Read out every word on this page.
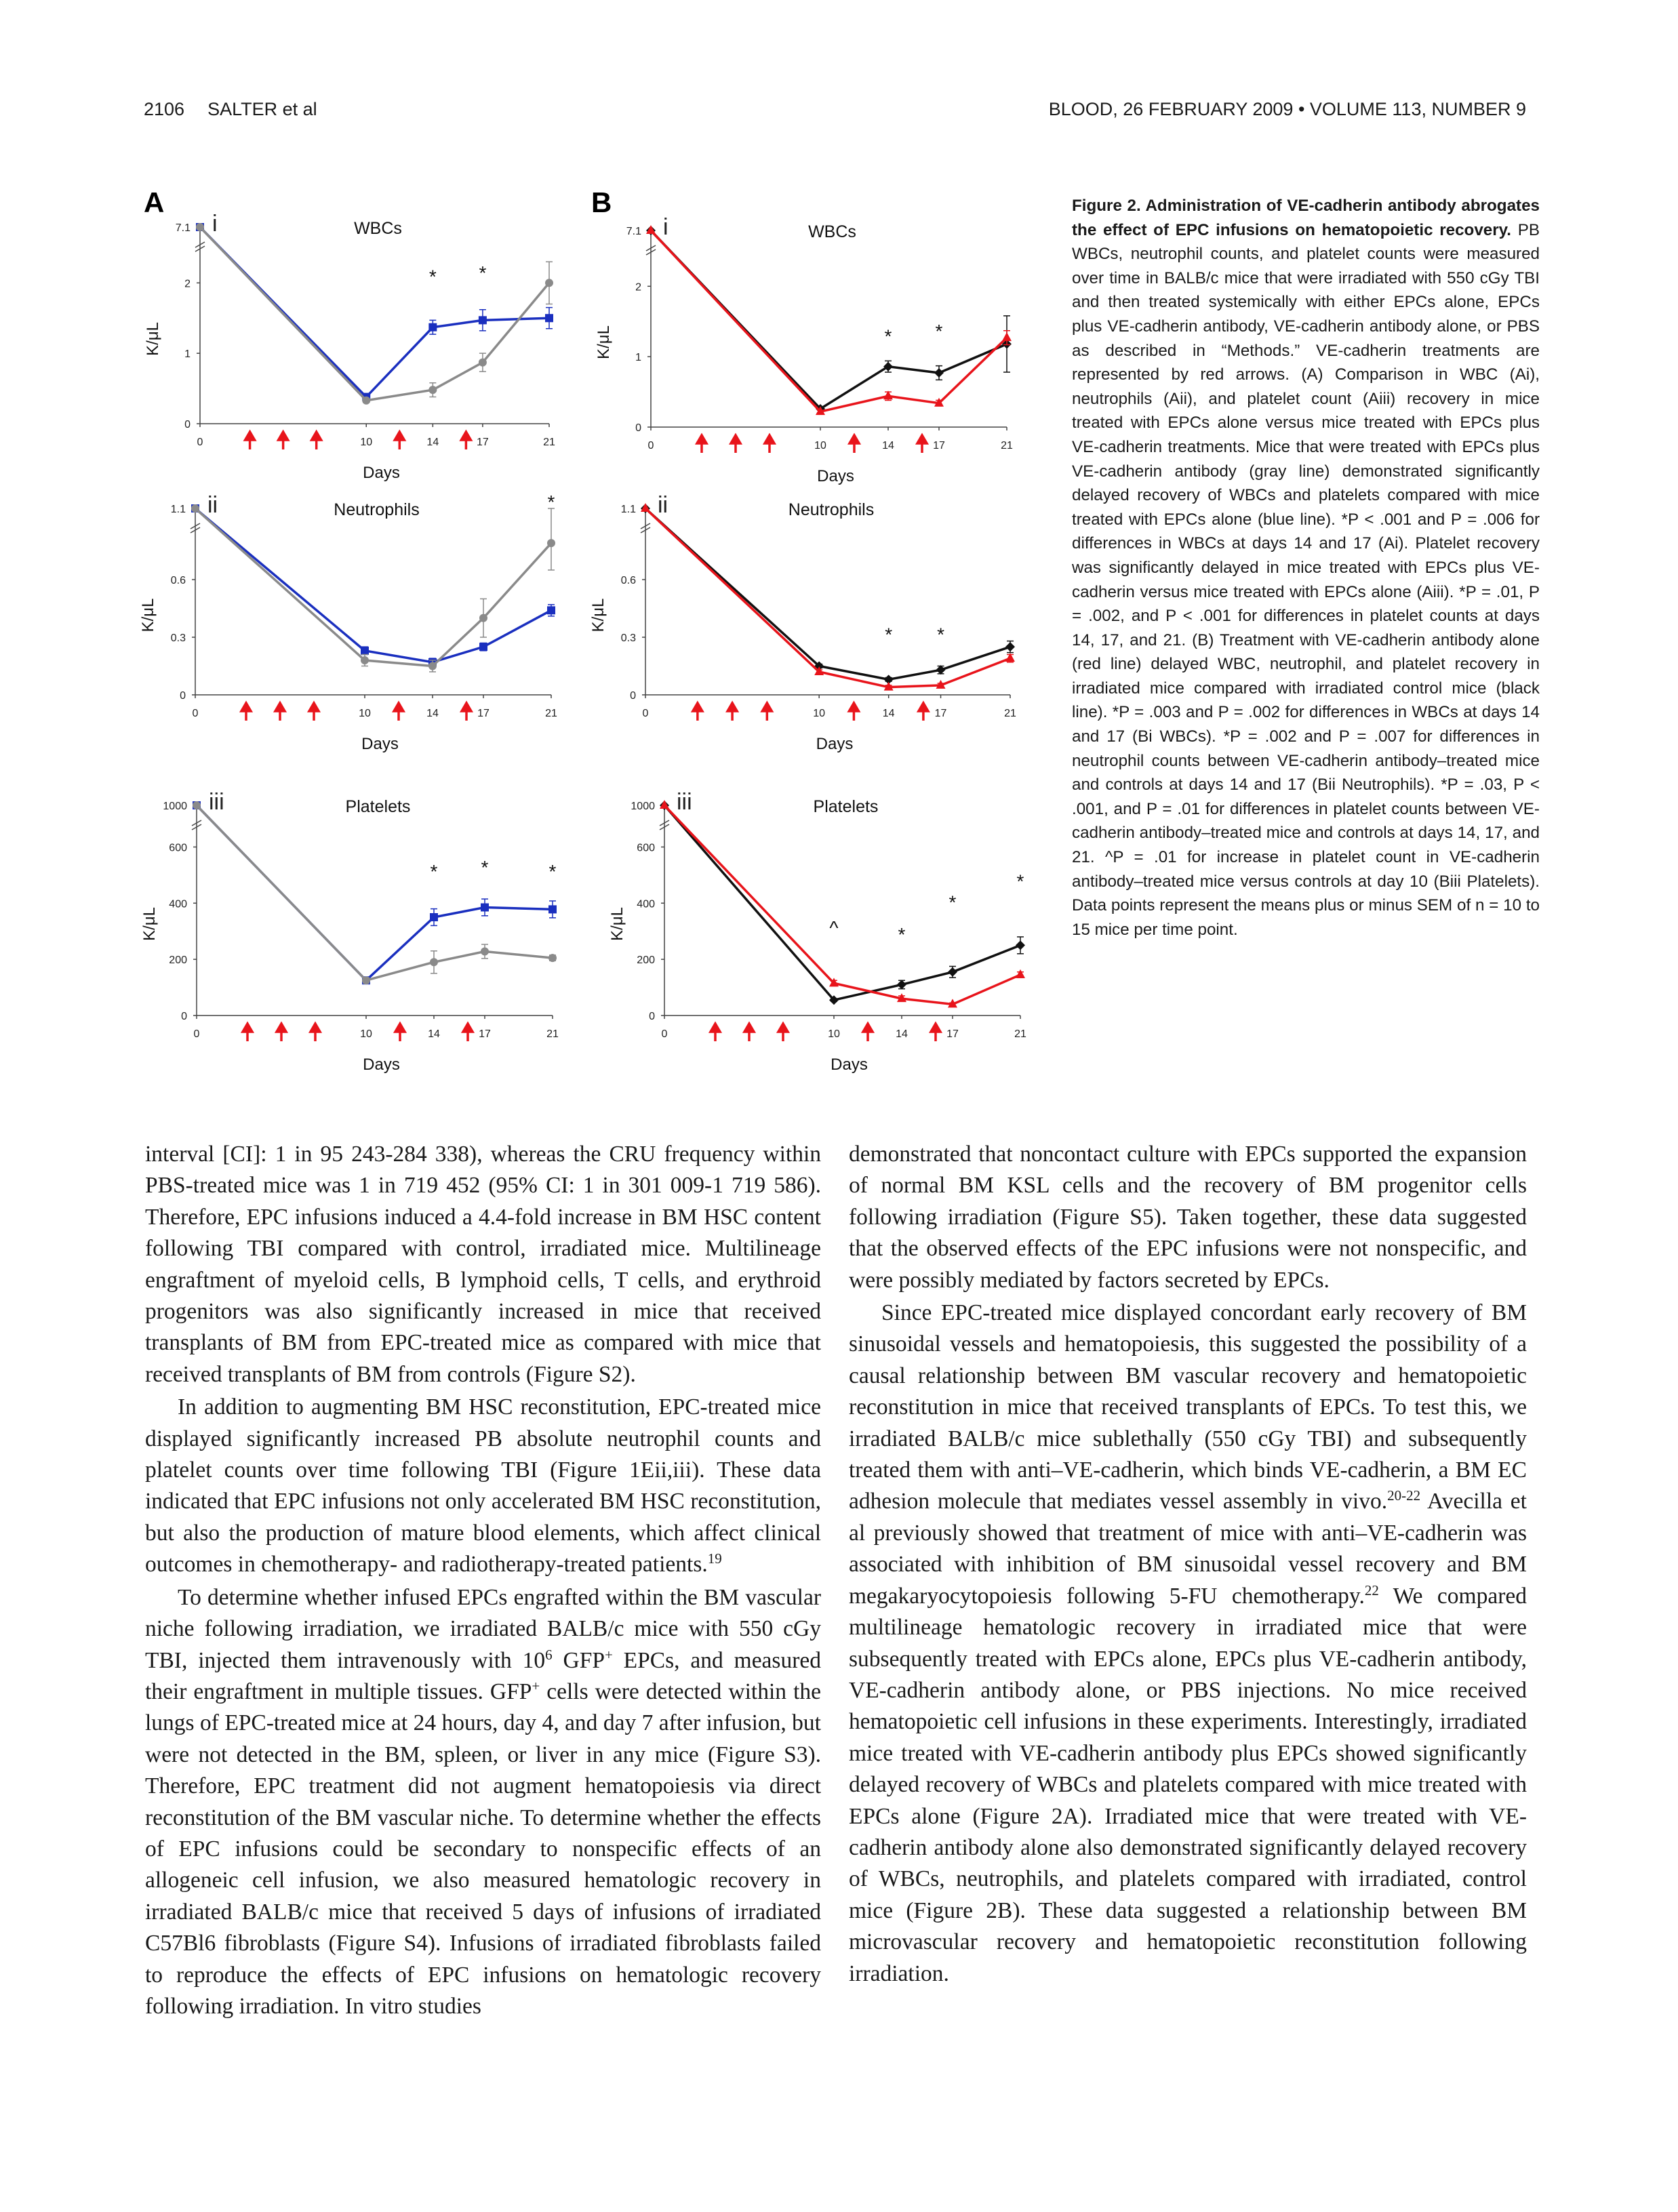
2106 SALTER et al	BLOOD, 26 FEBRUARY 2009 • VOLUME 113, NUMBER 9
A	B
0
1
2
7.1
0	10	14	17	21
Days
K/μL
WBCs
i
* *
0
0.3
0.6
1.1
0	10	14	17	21
Days
K/μL
Neutrophils
ii	*
0
200
400
600
1000
0	10	14	17	21
Days
K/μL
Platelets
iii
* *	*
0
1
2
7.1
0	10	14	17	21
Days
K/μL
WBCs
i
* *
0
0.3
0.6
1.1
0	10	14	17	21
Days
K/μL
Neutrophils
ii
* *
0
200
400
600
1000
0	10	14	17	21
Days
K/μL
Platelets
iii
^	*
*
*
Figure 2. Administration of VE-cadherin antibody abrogates the effect of EPC infusions on hematopoietic recovery. PB WBCs, neutrophil counts, and platelet counts were measured over time in BALB/c mice that were irradiated with 550 cGy TBI and then treated systemically with either EPCs alone, EPCs plus VE-cadherin antibody, VE-cadherin antibody alone, or PBS as described in “Methods.” VE-cadherin treatments are represented by red arrows. (A) Comparison in WBC (Ai), neutrophils (Aii), and platelet count (Aiii) recovery in mice treated with EPCs alone versus mice treated with EPCs plus VE-cadherin treatments. Mice that were treated with EPCs plus VE-cadherin antibody (gray line) demonstrated significantly delayed recovery of WBCs and platelets compared with mice treated with EPCs alone (blue line). *P < .001 and P = .006 for differences in WBCs at days 14 and 17 (Ai). Platelet recovery was significantly delayed in mice treated with EPCs plus VE-cadherin versus mice treated with EPCs alone (Aiii). *P = .01, P = .002, and P < .001 for differences in platelet counts at days 14, 17, and 21. (B) Treatment with VE-cadherin antibody alone (red line) delayed WBC, neutrophil, and platelet recovery in irradiated mice compared with irradiated control mice (black line). *P = .003 and P = .002 for differences in WBCs at days 14 and 17 (Bi WBCs). *P = .002 and P = .007 for differences in neutrophil counts between VE-cadherin antibody–treated mice and controls at days 14 and 17 (Bii Neutrophils). *P = .03, P < .001, and P = .01 for differences in platelet counts between VE-cadherin antibody–treated mice and controls at days 14, 17, and 21. ^P = .01 for increase in platelet count in VE-cadherin antibody–treated mice versus controls at day 10 (Biii Platelets). Data points represent the means plus or minus SEM of n = 10 to 15 mice per time point.

interval [CI]: 1 in 95 243-284 338), whereas the CRU frequency within PBS-treated mice was 1 in 719 452 (95% CI: 1 in 301 009-1 719 586). Therefore, EPC infusions induced a 4.4-fold increase in BM HSC content following TBI compared with control, irradiated mice. Multilineage engraftment of myeloid cells, B lymphoid cells, T cells, and erythroid progenitors was also significantly increased in mice that received transplants of BM from EPC-treated mice as compared with mice that received transplants of BM from controls (Figure S2).

In addition to augmenting BM HSC reconstitution, EPC-treated mice displayed significantly increased PB absolute neutrophil counts and platelet counts over time following TBI (Figure 1Eii,iii). These data indicated that EPC infusions not only accelerated BM HSC reconstitution, but also the production of mature blood elements, which affect clinical outcomes in chemotherapy- and radiotherapy-treated patients.$^{19}$

To determine whether infused EPCs engrafted within the BM vascular niche following irradiation, we irradiated BALB/c mice with 550 cGy TBI, injected them intravenously with $10^6$ GFP+ EPCs, and measured their engraftment in multiple tissues. GFP+ cells were detected within the lungs of EPC-treated mice at 24 hours, day 4, and day 7 after infusion, but were not detected in the BM, spleen, or liver in any mice (Figure S3). Therefore, EPC treatment did not augment hematopoiesis via direct reconstitution of the BM vascular niche. To determine whether the effects of EPC infusions could be secondary to nonspecific effects of an allogeneic cell infusion, we also measured hematologic recovery in irradiated BALB/c mice that received 5 days of infusions of irradiated C57Bl6 fibroblasts (Figure S4). Infusions of irradiated fibroblasts failed to reproduce the effects of EPC infusions on hematologic recovery following irradiation. In vitro studies

demonstrated that noncontact culture with EPCs supported the expansion of normal BM KSL cells and the recovery of BM progenitor cells following irradiation (Figure S5). Taken together, these data suggested that the observed effects of the EPC infusions were not nonspecific, and were possibly mediated by factors secreted by EPCs.

Since EPC-treated mice displayed concordant early recovery of BM sinusoidal vessels and hematopoiesis, this suggested the possibility of a causal relationship between BM vascular recovery and hematopoietic reconstitution in mice that received transplants of EPCs. To test this, we irradiated BALB/c mice sublethally (550 cGy TBI) and subsequently treated them with anti–VE-cadherin, which binds VE-cadherin, a BM EC adhesion molecule that mediates vessel assembly in vivo.$^{20-22}$ Avecilla et al previously showed that treatment of mice with anti–VE-cadherin was associated with inhibition of BM sinusoidal vessel recovery and BM megakaryocytopoiesis following 5-FU chemotherapy.$^{22}$ We compared multilineage hematologic recovery in irradiated mice that were subsequently treated with EPCs alone, EPCs plus VE-cadherin antibody, VE-cadherin antibody alone, or PBS injections. No mice received hematopoietic cell infusions in these experiments. Interestingly, irradiated mice treated with VE-cadherin antibody plus EPCs showed significantly delayed recovery of WBCs and platelets compared with mice treated with EPCs alone (Figure 2A). Irradiated mice that were treated with VE-cadherin antibody alone also demonstrated significantly delayed recovery of WBCs, neutrophils, and platelets compared with irradiated, control mice (Figure 2B). These data suggested a relationship between BM microvascular recovery and hematopoietic reconstitution following irradiation.
